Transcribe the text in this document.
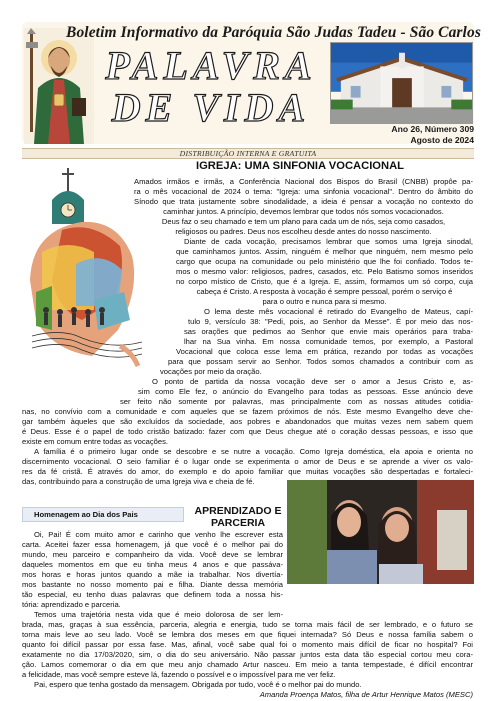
Boletim Informativo da Paróquia São Judas Tadeu - São Carlos
PALAVRA
DE VIDA	Ano 26, Número 309
Agosto de 2024
DISTRIBUIÇÃO INTERNA E GRATUITA
IGREJA: UMA SINFONIA VOCACIONAL
Amados irmãos e irmãs, a Conferência Nacional dos Bispos do Brasil (CNBB) propôe pa-
ra o mês vocacional de 2024 o tema: "Igreja: uma sinfonia vocacional". Dentro do âmbito do
Sínodo que trata justamente sobre sinodalidade, a ideia é pensar a vocação no contexto do
caminhar juntos. A princípio, devemos lembrar que todos nós somos vocacionados.
Deus faz o seu chamado e tem um plano para cada um de nós, seja como casados,
religiosos ou padres. Deus nos escolheu desde antes do nosso nascimento.
Diante de cada vocação, precisamos lembrar que somos uma Igreja sinodal,
que caminhamos juntos. Assim, ninguém é melhor que ninguém, nem mesmo pelo
cargo que ocupa na comunidade ou pelo ministério que lhe foi confiado. Todos te-
mos o mesmo valor: religiosos, padres, casados, etc. Pelo Batismo somos inseridos
no corpo místico de Cristo, que é a Igreja. E, assim, formamos um só corpo, cuja
cabeça é Cristo. A resposta à vocação é sempre pessoal, porém o serviço é
para o outro e nunca para si mesmo.
O lema deste mês vocacional é retirado do Evangelho de Mateus, capí-
tulo 9, versículo 38: "Pedi, pois, ao Senhor da Messe". É por meio das nos-
sas orações que pedimos ao Senhor que envie mais operários para traba-
lhar na Sua vinha. Em nossa comunidade temos, por exemplo, a Pastoral
Vocacional que coloca esse lema em prática, rezando por todas as vocações
para que possam servir ao Senhor. Todos somos chamados a contribuir com as
vocações por meio da oração.
O ponto de partida da nossa vocação deve ser o amor a Jesus Cristo e, as-
sim como Ele fez, o anúncio do Evangelho para todas as pessoas. Esse anúncio deve
ser feito não somente por palavras, mas principalmente com as nossas atitudes cotidia-
nas, no convívio com a comunidade e com aqueles que se fazem próximos de nós. Este mesmo Evangelho deve che-
gar também àqueles que são excluídos da sociedade, aos pobres e abandonados que muitas vezes nem sabem quem
é Deus. Esse é o papel de todo cristão batizado: fazer com que Deus chegue até o coração dessas pessoas, e isso que
existe em comum entre todas as vocações.
A família é o primeiro lugar onde se descobre e se nutre a vocação. Como Igreja doméstica, ela apoia e orienta no
discernimento vocacional. O seio familiar é o lugar onde se experimenta o amor de Deus e se aprende a viver os valo-
res da fé cristã. É através do amor, do exemplo e do apoio familiar que muitas vocações são despertadas e fortaleci-
das, contribuindo para a construção de uma Igreja viva e cheia de fé.
Homenagem ao Dia dos Pais	APRENDIZADO E
PARCERIA
Oi, Pai! É com muito amor e carinho que venho lhe escrever esta
carta. Aceitei fazer essa homenagem, já que você é o melhor pai do
mundo, meu parceiro e companheiro da vida. Você deve se lembrar
daqueles momentos em que eu tinha meus 4 anos e que passáva-
mos horas e horas juntos quando a mãe ia trabalhar. Nos divertía-
mos bastante no nosso momento pai e filha. Diante dessa memória
tão especial, eu tenho duas palavras que definem toda a nossa his-
tória: aprendizado e parceria.
Temos uma trajetória nesta vida que é meio dolorosa de ser lem-
brada, mas, graças à sua essência, parceria, alegria e energia, tudo se torna mais fácil de ser lembrado, e o futuro se
torna mais leve ao seu lado. Você se lembra dos meses em que fiquei internada? Só Deus e nossa família sabem o
quanto foi difícil passar por essa fase. Mas, afinal, você sabe qual foi o momento mais difícil de ficar no hospital? Foi
exatamente no dia 17/03/2020, sim, o dia do seu aniversário. Não passar juntos esta data tão especial cortou meu cora-
ção. Lamos comemorar o dia em que meu anjo chamado Artur nasceu. Em meio a tanta tempestade, é difícil encontrar
a felicidade, mas você sempre esteve lá, fazendo o possível e o impossível para me ver feliz.
Pai, espero que tenha gostado da mensagem. Obrigada por tudo, você é o melhor pai do mundo.
Amanda Proença Matos, filha de Artur Henrique Matos (MESC)
